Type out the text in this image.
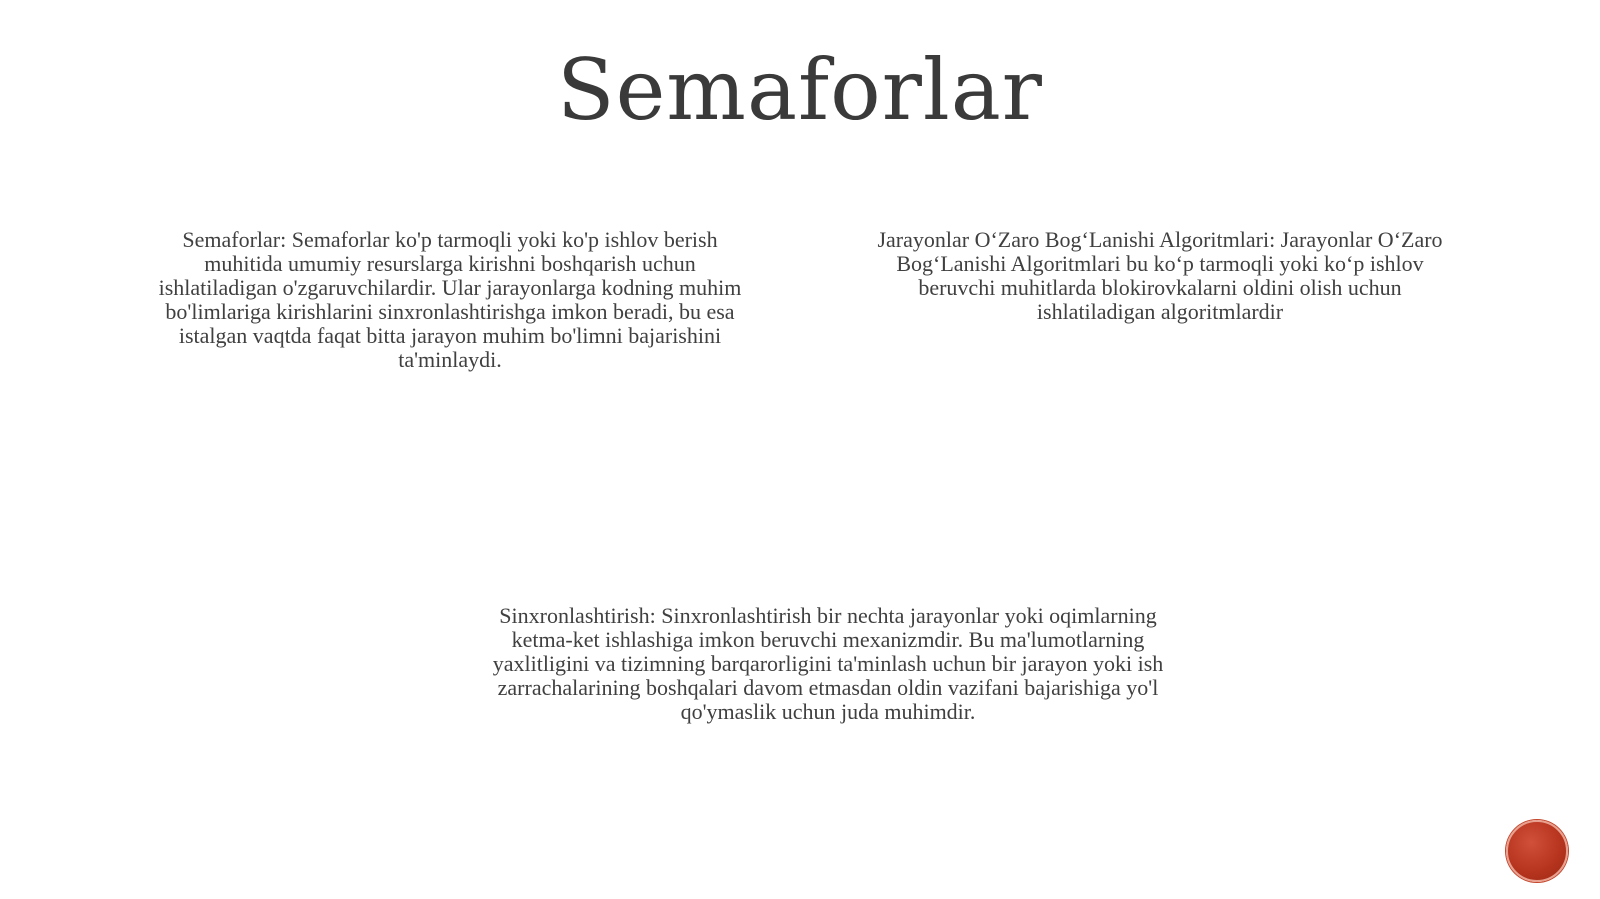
Semaforlar

Semaforlar: Semaforlar ko'p tarmoqli yoki ko'p ishlov berish muhitida umumiy resurslarga kirishni boshqarish uchun ishlatiladigan o'zgaruvchilardir. Ular jarayonlarga kodning muhim bo'limlariga kirishlarini sinxronlashtirishga imkon beradi, bu esa istalgan vaqtda faqat bitta jarayon muhim bo'limni bajarishini ta'minlaydi.

Jarayonlar O‘Zaro Bog‘Lanishi Algoritmlari: Jarayonlar O‘Zaro Bog‘Lanishi Algoritmlari bu ko‘p tarmoqli yoki ko‘p ishlov beruvchi muhitlarda blokirovkalarni oldini olish uchun ishlatiladigan algoritmlardir

Sinxronlashtirish: Sinxronlashtirish bir nechta jarayonlar yoki oqimlarning ketma-ket ishlashiga imkon beruvchi mexanizmdir. Bu ma'lumotlarning yaxlitligini va tizimning barqarorligini ta'minlash uchun bir jarayon yoki ish zarrachalarining boshqalari davom etmasdan oldin vazifani bajarishiga yo'l qo'ymaslik uchun juda muhimdir.
